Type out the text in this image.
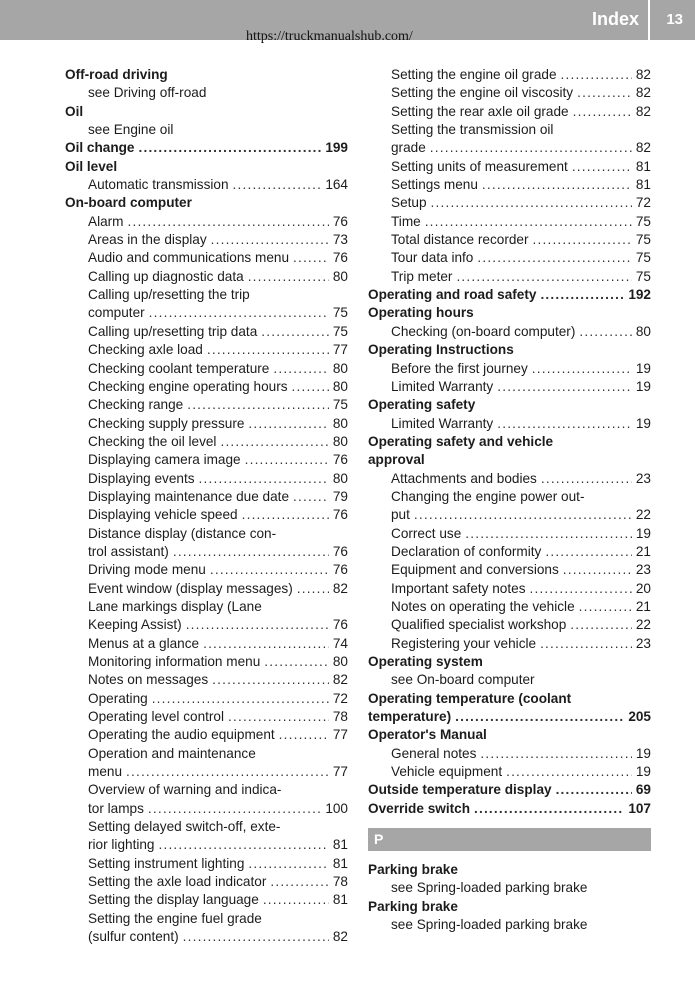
Index 13
https://truckmanualshub.com/
Off-road driving
see Driving off-road
Oil
see Engine oil
Oil change .....	199
Oil level
Automatic transmission .....	164
On-board computer
Alarm .....	76
Areas in the display .....	73
Audio and communications menu .....	76
Calling up diagnostic data .....	80
Calling up/resetting the trip
computer .....	75
Calling up/resetting trip data .....	75
Checking axle load .....	77
Checking coolant temperature .....	80
Checking engine operating hours .....	80
Checking range .....	75
Checking supply pressure .....	80
Checking the oil level .....	80
Displaying camera image .....	76
Displaying events .....	80
Displaying maintenance due date .....	79
Displaying vehicle speed .....	76
Distance display (distance con-
trol assistant) .....	76
Driving mode menu .....	76
Event window (display messages) .....	82
Lane markings display (Lane
Keeping Assist) .....	76
Menus at a glance .....	74
Monitoring information menu .....	80
Notes on messages .....	82
Operating .....	72
Operating level control .....	78
Operating the audio equipment .....	77
Operation and maintenance
menu .....	77
Overview of warning and indica-
tor lamps .....	100
Setting delayed switch-off, exte-
rior lighting .....	81
Setting instrument lighting .....	81
Setting the axle load indicator .....	78
Setting the display language .....	81
Setting the engine fuel grade
(sulfur content) .....	82
Setting the engine oil grade .....	82
Setting the engine oil viscosity .....	82
Setting the rear axle oil grade .....	82
Setting the transmission oil
grade .....	82
Setting units of measurement .....	81
Settings menu .....	81
Setup .....	72
Time .....	75
Total distance recorder .....	75
Tour data info .....	75
Trip meter .....	75
Operating and road safety .....	192
Operating hours
Checking (on-board computer) .....	80
Operating Instructions
Before the first journey .....	19
Limited Warranty .....	19
Operating safety
Limited Warranty .....	19
Operating safety and vehicle
approval
Attachments and bodies .....	23
Changing the engine power out-
put .....	22
Correct use .....	19
Declaration of conformity .....	21
Equipment and conversions .....	23
Important safety notes .....	20
Notes on operating the vehicle .....	21
Qualified specialist workshop .....	22
Registering your vehicle .....	23
Operating system
see On-board computer
Operating temperature (coolant
temperature) .....	205
Operator's Manual
General notes .....	19
Vehicle equipment .....	19
Outside temperature display .....	69
Override switch .....	107
P
Parking brake
see Spring-loaded parking brake
Parking brake
see Spring-loaded parking brake
